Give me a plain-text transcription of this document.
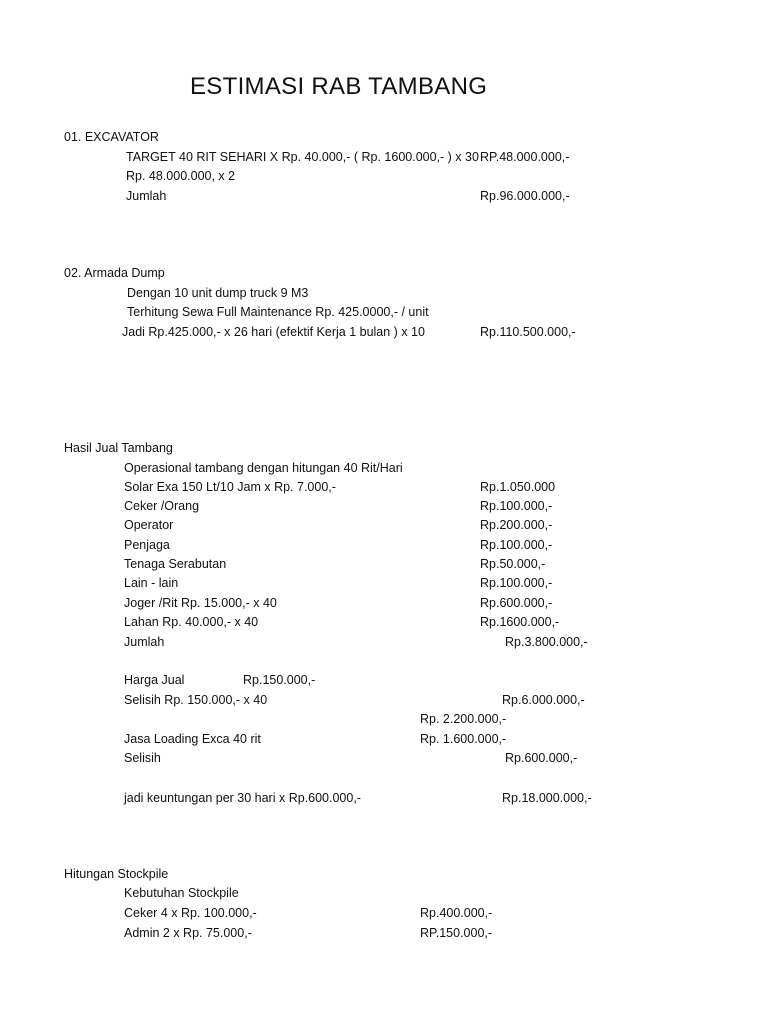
ESTIMASI RAB TAMBANG
01. EXCAVATOR
TARGET 40 RIT SEHARI X Rp. 40.000,- ( Rp. 1600.000,- ) x 30 RP.48.000.000,-
Rp. 48.000.000, x 2
Jumlah	Rp.96.000.000,-
02. Armada Dump
Dengan 10 unit dump truck 9 M3
Terhitung Sewa Full Maintenance Rp. 425.0000,- / unit
Jadi Rp.425.000,- x 26 hari (efektif Kerja 1 bulan ) x 10	Rp.110.500.000,-
Hasil Jual Tambang
Operasional tambang dengan hitungan 40 Rit/Hari
Solar Exa 150 Lt/10 Jam x Rp. 7.000,-	Rp.1.050.000
Ceker /Orang	Rp.100.000,-
Operator	Rp.200.000,-
Penjaga	Rp.100.000,-
Tenaga Serabutan	Rp.50.000,-
Lain - lain	Rp.100.000,-
Joger /Rit Rp. 15.000,- x 40	Rp.600.000,-
Lahan Rp. 40.000,- x 40	Rp.1600.000,-
Jumlah	Rp.3.800.000,-
Harga Jual	Rp.150.000,-
Selisih Rp. 150.000,- x 40	Rp.6.000.000,-
Rp. 2.200.000,-
Jasa Loading Exca 40 rit	Rp. 1.600.000,-
Selisih	Rp.600.000,-
jadi keuntungan per 30 hari x Rp.600.000,-	Rp.18.000.000,-
Hitungan Stockpile
Kebutuhan Stockpile
Ceker 4 x Rp. 100.000,-	Rp.400.000,-
Admin 2 x Rp. 75.000,-	RP.150.000,-
